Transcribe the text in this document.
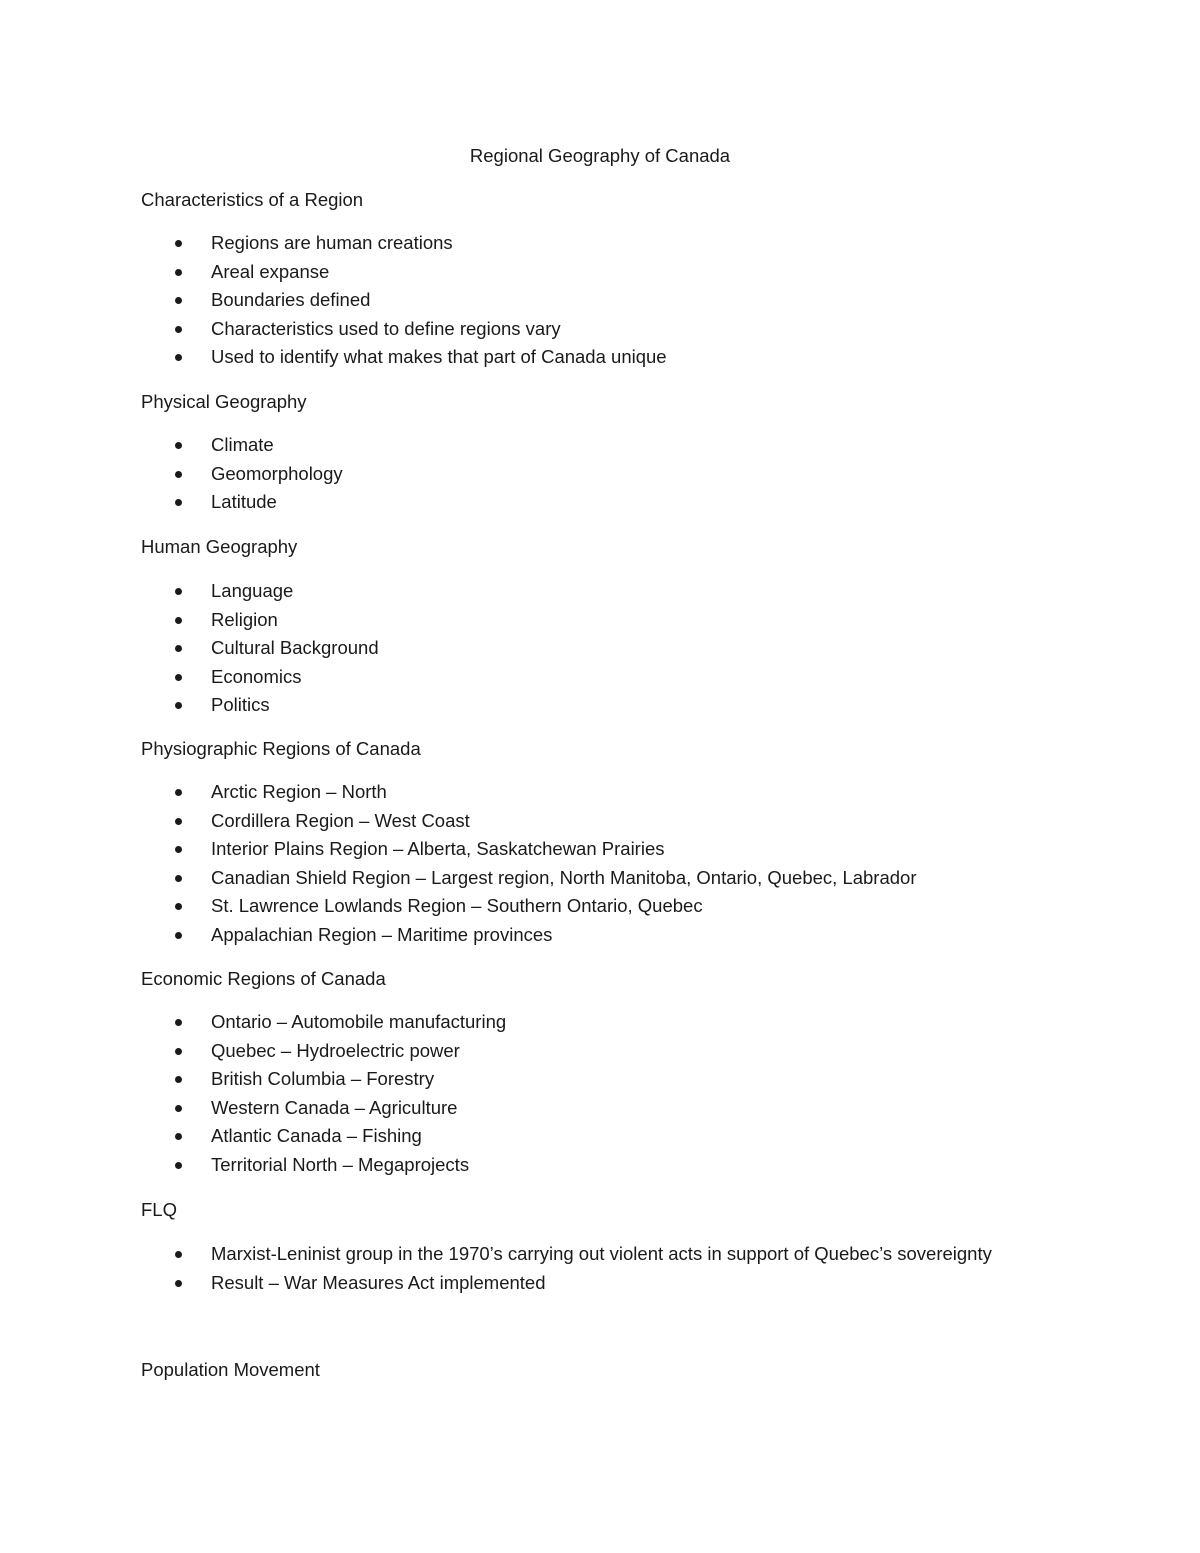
Regional Geography of Canada
Characteristics of a Region
Regions are human creations
Areal expanse
Boundaries defined
Characteristics used to define regions vary
Used to identify what makes that part of Canada unique
Physical Geography
Climate
Geomorphology
Latitude
Human Geography
Language
Religion
Cultural Background
Economics
Politics
Physiographic Regions of Canada
Arctic Region – North
Cordillera Region – West Coast
Interior Plains Region – Alberta, Saskatchewan Prairies
Canadian Shield Region – Largest region, North Manitoba, Ontario, Quebec, Labrador
St. Lawrence Lowlands Region – Southern Ontario, Quebec
Appalachian Region – Maritime provinces
Economic Regions of Canada
Ontario – Automobile manufacturing
Quebec – Hydroelectric power
British Columbia – Forestry
Western Canada – Agriculture
Atlantic Canada – Fishing
Territorial North – Megaprojects
FLQ
Marxist-Leninist group in the 1970’s carrying out violent acts in support of Quebec’s sovereignty
Result – War Measures Act implemented
Population Movement
